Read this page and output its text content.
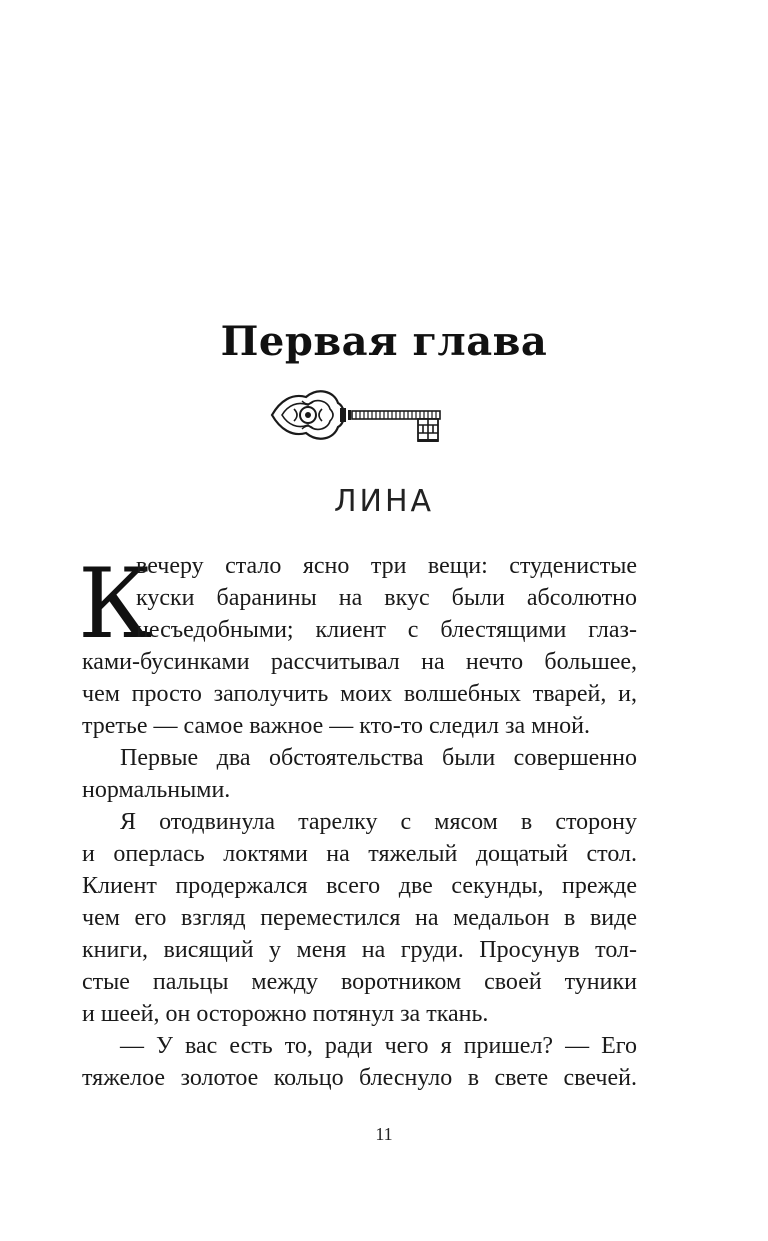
Первая глава
ЛИНА
К
вечеру стало ясно три вещи: студенистые
куски баранины на вкус были абсолютно
несъедобными; клиент с блестящими глаз-
ками-бусинками рассчитывал на нечто большее,
чем просто заполучить моих волшебных тварей, и,
третье — самое важное — кто-то следил за мной.
Первые два обстоятельства были совершенно
нормальными.
Я отодвинула тарелку с мясом в сторону
и оперлась локтями на тяжелый дощатый стол.
Клиент продержался всего две секунды, прежде
чем его взгляд переместился на медальон в виде
книги, висящий у меня на груди. Просунув тол-
стые пальцы между воротником своей туники
и шеей, он осторожно потянул за ткань.
— У вас есть то, ради чего я пришел? — Его
тяжелое золотое кольцо блеснуло в свете свечей.
11
